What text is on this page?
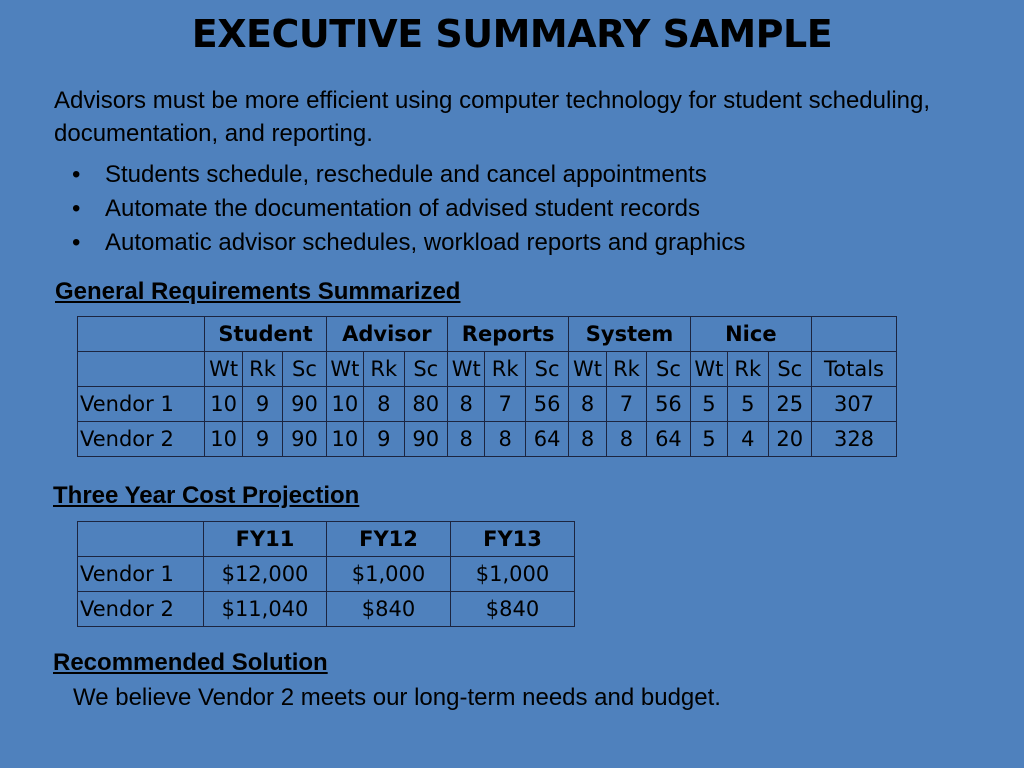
EXECUTIVE SUMMARY SAMPLE

Advisors must be more efficient using computer technology for student scheduling, documentation, and reporting.

•	Students schedule, reschedule and cancel appointments
•	Automate the documentation of advised student records
•	Automatic advisor schedules, workload reports and graphics
General Requirements Summarized
	Student			Advisor			Reports			System			Nice			
	Wt	Rk	Sc	Wt	Rk	Sc	Wt	Rk	Sc	Wt	Rk	Sc	Wt	Rk	Sc	Totals
Vendor 1	10	9	90	10	8	80	8	7	56	8	7	56	5	5	25	307
Vendor 2	10	9	90	10	9	90	8	8	64	8	8	64	5	4	20	328
Three Year Cost Projection
	FY11	FY12	FY13
Vendor 1	$12,000	$1,000	$1,000
Vendor 2	$11,040	$840	$840
Recommended Solution

We believe Vendor 2 meets our long-term needs and budget.
